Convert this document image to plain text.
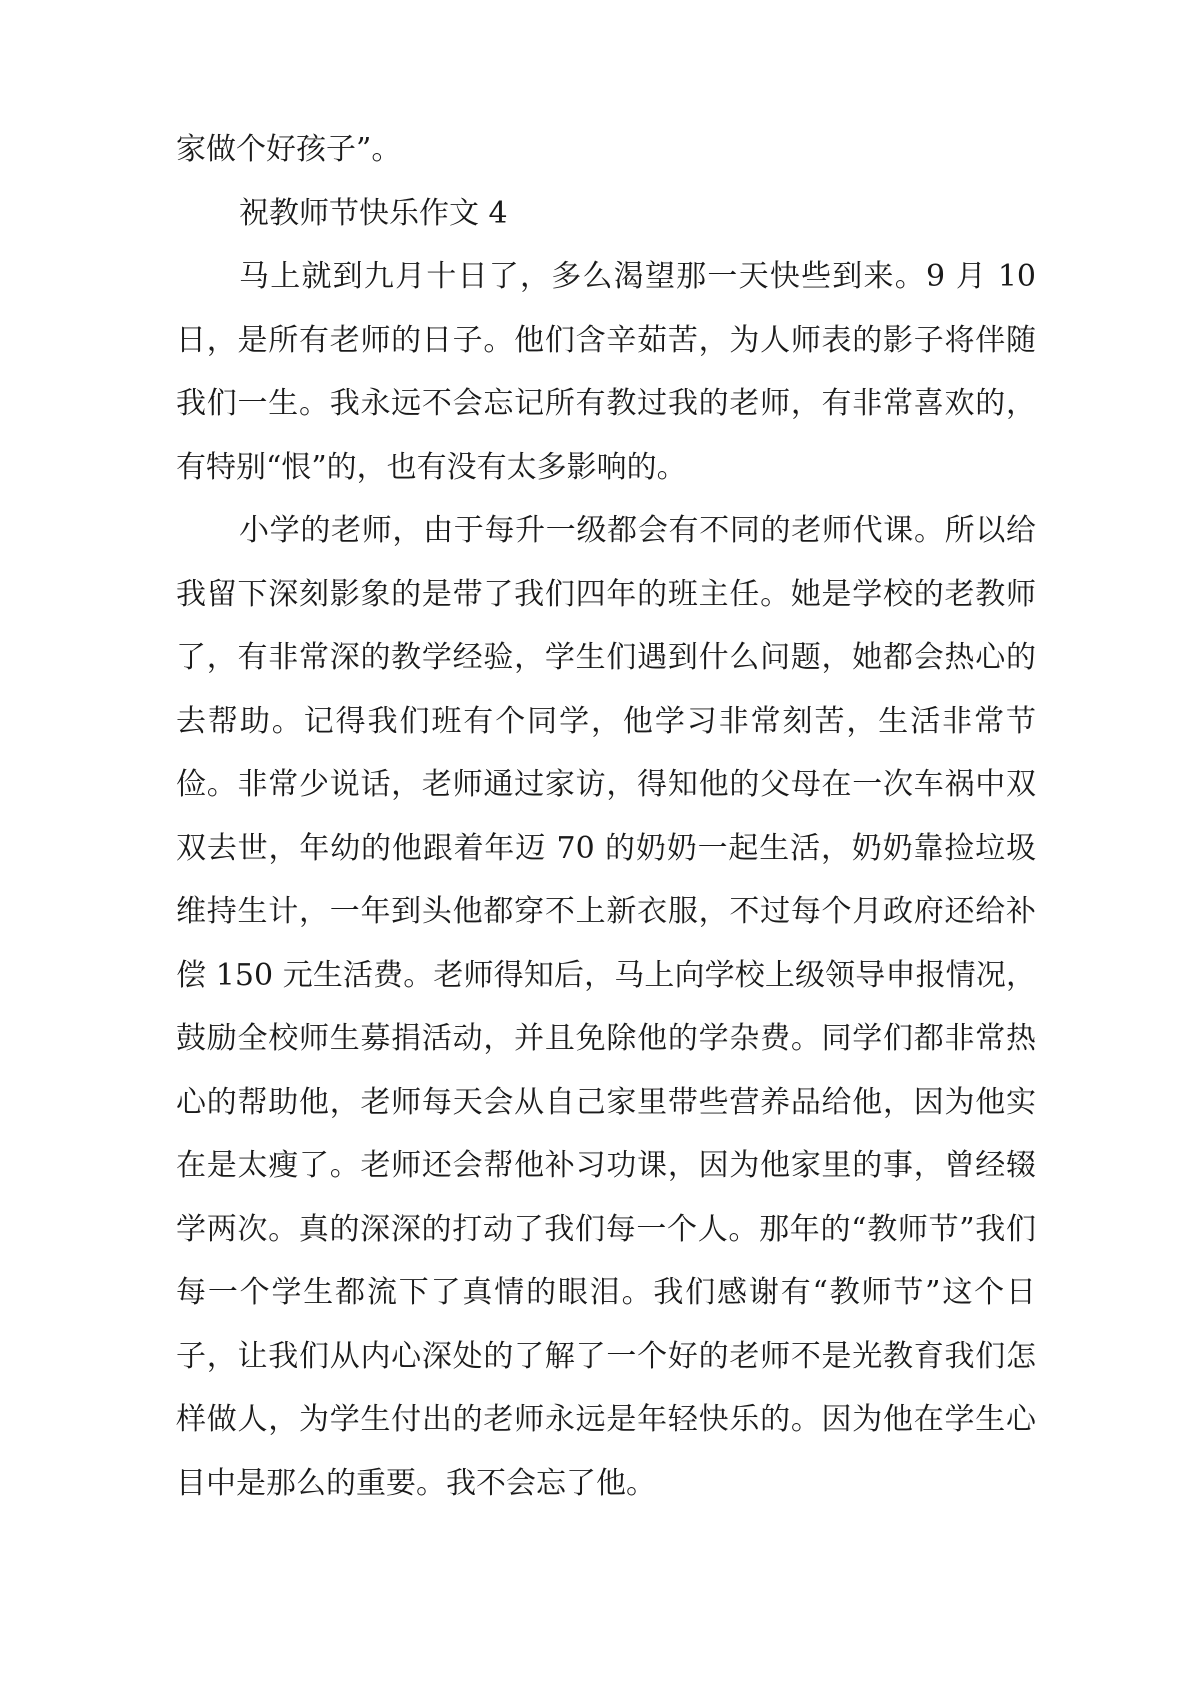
家做个好孩子”。

祝教师节快乐作文 4

马上就到九月十日了，多么渴望那一天快些到来。9 月 10 日，是所有老师的日子。他们含辛茹苦，为人师表的影子将伴随我们一生。我永远不会忘记所有教过我的老师，有非常喜欢的，有特别“恨”的，也有没有太多影响的。

小学的老师，由于每升一级都会有不同的老师代课。所以给我留下深刻影象的是带了我们四年的班主任。她是学校的老教师了，有非常深的教学经验，学生们遇到什么问题，她都会热心的去帮助。记得我们班有个同学，他学习非常刻苦，生活非常节俭。非常少说话，老师通过家访，得知他的父母在一次车祸中双双去世，年幼的他跟着年迈 70 的奶奶一起生活，奶奶靠捡垃圾维持生计，一年到头他都穿不上新衣服，不过每个月政府还给补偿 150 元生活费。老师得知后，马上向学校上级领导申报情况，鼓励全校师生募捐活动，并且免除他的学杂费。同学们都非常热心的帮助他，老师每天会从自己家里带些营养品给他，因为他实在是太瘦了。老师还会帮他补习功课，因为他家里的事，曾经辍学两次。真的深深的打动了我们每一个人。那年的“教师节”我们每一个学生都流下了真情的眼泪。我们感谢有“教师节”这个日子，让我们从内心深处的了解了一个好的老师不是光教育我们怎样做人，为学生付出的老师永远是年轻快乐的。因为他在学生心目中是那么的重要。我不会忘了他。
